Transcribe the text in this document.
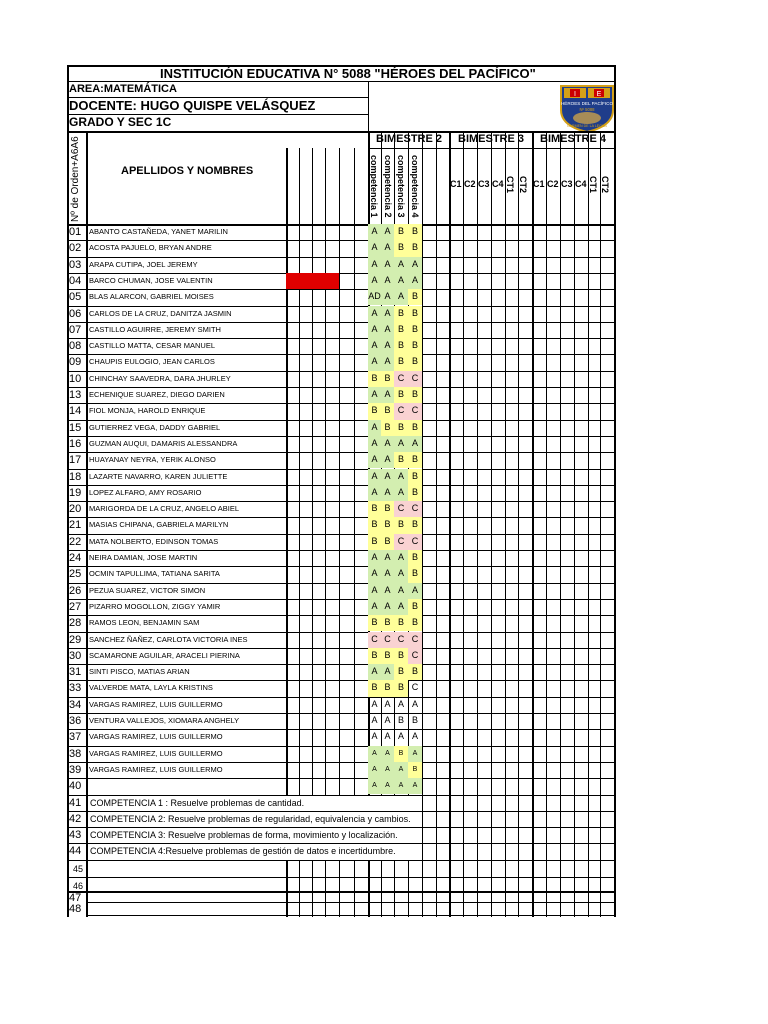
INSTITUCIÓN EDUCATIVA N° 5088 "HÉROES DEL PACÍFICO"
AREA:MATEMÁTICA
DOCENTE: HUGO QUISPE VELÁSQUEZ
GRADO Y SEC 1C
I	E
HÉROES DEL PACÍFICO
Nº 5088
CARMEN DE LA LEGUA
Nº de Orden+A6A6	APELLIDOS Y NOMBRES
BIMESTRE 2 BIMESTRE 3 BIMESTRE 4
competencia 1 competencia 2 competencia 3 competencia 4	C1 C2 C3 C4 CT1 CT2 C1 C2 C3 C4 CT1 CT2
01 ABANTO CASTAÑEDA, YANET MARILIN	A A B B
02 ACOSTA PAJUELO, BRYAN ANDRE	A A B B
03 ARAPA CUTIPA, JOEL JEREMY	A A A A
04 BARCO CHUMAN, JOSE VALENTIN	A A A A
05 BLAS ALARCON, GABRIEL MOISES	AD A A B
06 CARLOS DE LA CRUZ, DANITZA JASMIN	A A B B
07 CASTILLO AGUIRRE, JEREMY SMITH	A A B B
08 CASTILLO MATTA, CESAR MANUEL	A A B B
09 CHAUPIS EULOGIO, JEAN CARLOS	A A B B
10 CHINCHAY SAAVEDRA, DARA JHURLEY	B B C C
13 ECHENIQUE SUAREZ, DIEGO DARIEN	A A B B
14 FIOL MONJA, HAROLD ENRIQUE	B B C C
15 GUTIERREZ VEGA, DADDY GABRIEL	A B B B
16 GUZMAN AUQUI, DAMARIS ALESSANDRA	A A A A
17 HUAYANAY NEYRA, YERIK ALONSO	A A B B
18 LAZARTE NAVARRO, KAREN JULIETTE	A A A B
19 LOPEZ ALFARO, AMY ROSARIO	A A A B
20 MARIGORDA DE LA CRUZ, ANGELO ABIEL	B B C C
21 MASIAS CHIPANA, GABRIELA MARILYN	B B B B
22 MATA NOLBERTO, EDINSON TOMAS	B B C C
24 NEIRA DAMIAN, JOSE MARTIN	A A A B
25 OCMIN TAPULLIMA, TATIANA SARITA	A A A B
26 PEZUA SUAREZ, VICTOR SIMON	A A A A
27 PIZARRO MOGOLLON, ZIGGY YAMIR	A A A B
28 RAMOS LEON, BENJAMIN SAM	B B B B
29 SANCHEZ ÑAÑEZ, CARLOTA VICTORIA INES	C C C C
30 SCAMARONE AGUILAR, ARACELI PIERINA	B B B C
31 SINTI PISCO, MATIAS ARIAN	A A B B
33 VALVERDE MATA, LAYLA KRISTINS	B B B C
34 VARGAS RAMIREZ, LUIS GUILLERMO	A A A A
36 VENTURA VALLEJOS, XIOMARA ANGHELY	A A B B
37 VARGAS RAMIREZ, LUIS GUILLERMO	A A A A
38 VARGAS RAMIREZ, LUIS GUILLERMO	A	A	B	A
39 VARGAS RAMIREZ, LUIS GUILLERMO	A	A	A	B
40	A	A	A	A
41 COMPETENCIA 1 : Resuelve problemas de cantidad.
42 COMPETENCIA 2: Resuelve problemas de regularidad, equivalencia y cambios.
43 COMPETENCIA 3: Resuelve problemas de forma, movimiento y localización.
44 COMPETENCIA 4:Resuelve problemas de gestión de datos e incertidumbre.
45
46
47
48
